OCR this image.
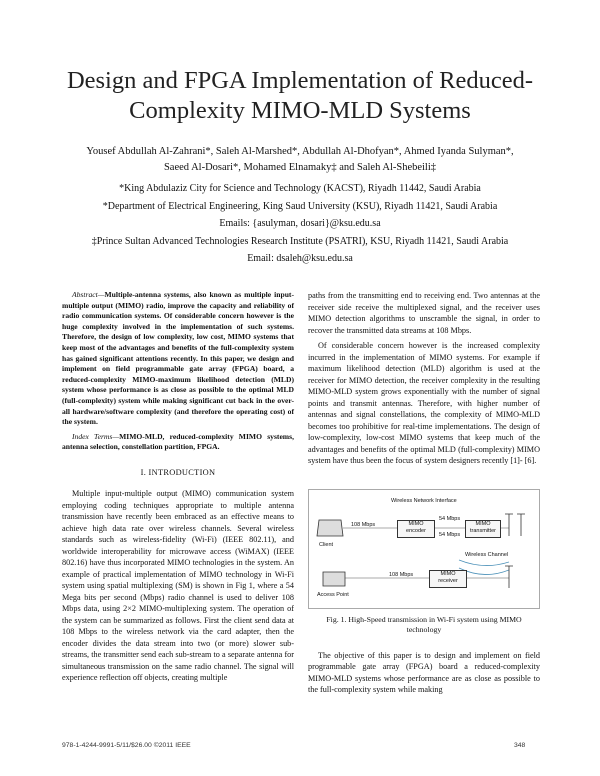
Design and FPGA Implementation of Reduced-Complexity MIMO-MLD Systems
Yousef Abdullah Al-Zahrani*, Saleh Al-Marshed*, Abdullah Al-Dhofyan*, Ahmed Iyanda Sulyman*,
Saeed Al-Dosari*, Mohamed Elnamaky‡ and Saleh Al-Shebeili‡
*King Abdulaziz City for Science and Technology (KACST), Riyadh 11442, Saudi Arabia
*Department of Electrical Engineering, King Saud University (KSU), Riyadh 11421, Saudi Arabia
Emails: {asulyman, dosari}@ksu.edu.sa
‡Prince Sultan Advanced Technologies Research Institute (PSATRI), KSU, Riyadh 11421, Saudi Arabia
Email: dsaleh@ksu.edu.sa

Abstract—Multiple-antenna systems, also known as multiple input-multiple output (MIMO) radio, improve the capacity and reliability of radio communication systems. Of considerable concern however is the huge complexity involved in the implementation of such systems. Therefore, the design of low complexity, low cost, MIMO systems that keep most of the advantages and benefits of the full-complexity system has gained significant attentions recently. In this paper, we design and implement on field programmable gate array (FPGA) board, a reduced-complexity MIMO-maximum likelihood detection (MLD) system whose performance is as close as possible to the optimal MLD (full-complexity) system while making significant cut back in the over-all hardware/software complexity (and therefore the operating cost) of the system.

Index Terms—MIMO-MLD, reduced-complexity MIMO systems, antenna selection, constellation partition, FPGA.

I. INTRODUCTION

Multiple input-multiple output (MIMO) communication system employing coding techniques appropriate to multiple antenna transmission have recently been embraced as an effective means to achieve high data rate over wireless channels. Several wireless standards such as wireless-fidelity (Wi-Fi) (IEEE 802.11), and worldwide interoperability for microwave access (WiMAX) (IEEE 802.16) have thus incorporated MIMO technologies in the system. An example of practical implementation of MIMO technology in Wi-Fi system using spatial multiplexing (SM) is shown in Fig 1, where a 54 Mega bits per second (Mbps) radio channel is used to deliver 108 Mbps data, using 2×2 MIMO-multiplexing system. The operation of the system can be summarized as follows. First the client send data at 108 Mbps to the wireless network via the card adapter, then the encoder divides the data stream into two (or more) slower sub-streams, the transmitter send each sub-stream to a separate antenna for simultaneous transmission on the same radio channel. The signal will experience reflection off objects, creating multiple

paths from the transmitting end to receiving end. Two antennas at the receiver side receive the multiplexed signal, and the receiver uses MIMO detection algorithms to unscramble the signal, in order to recover the transmitted data streams at 108 Mbps.

Of considerable concern however is the increased complexity incurred in the implementation of MIMO systems. For example if maximum likelihood detection (MLD) algorithm is used at the receiver for MIMO detection, the receiver complexity in the resulting MIMO-MLD system grows exponentially with the number of signal points and transmit antennas. Therefore, with higher number of antennas and signal constellations, the complexity of MIMO-MLD becomes too prohibitive for real-time implementations. The design of low-complexity, low-cost MIMO systems that keep much of the advantages and benefits of the optimal MLD (full-complexity) MIMO system have thus been the focus of system designers recently [1]- [6].

Wireless Network Interface
108 Mbps	MIMO encoder
54 Mbps
54 Mbps
MIMO transmitter
Client
Wireless Channel
108 Mbps	MIMO receiver
Access Point
Fig. 1. High-Speed transmission in Wi-Fi system using MIMO technology

The objective of this paper is to design and implement on field programmable gate array (FPGA) board a reduced-complexity MIMO-MLD systems whose performance are as close as possible to the full-complexity system while making

978-1-4244-9991-5/11/$26.00 ©2011 IEEE	348
